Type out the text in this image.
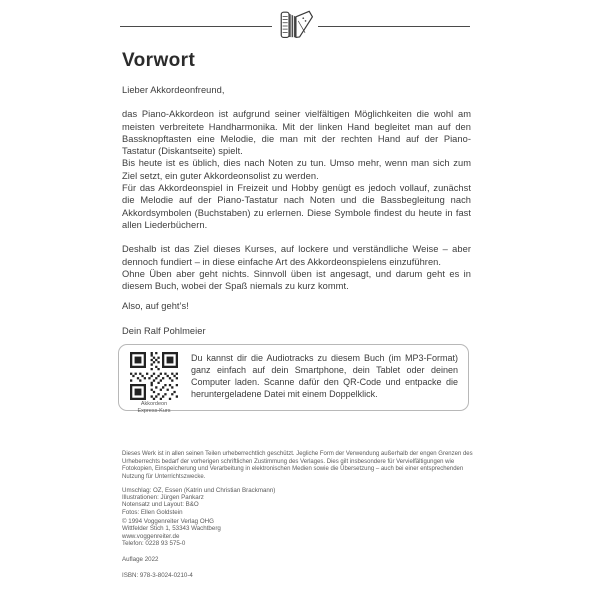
Vorwort

Lieber Akkordeonfreund,

das Piano-Akkordeon ist aufgrund seiner vielfältigen Möglichkeiten die wohl am meisten verbreitete Handharmonika. Mit der linken Hand begleitet man auf den Bassknopftasten eine Melodie, die man mit der rechten Hand auf der Piano-Tastatur (Diskantseite) spielt.

Bis heute ist es üblich, dies nach Noten zu tun. Umso mehr, wenn man sich zum Ziel setzt, ein guter Akkordeonsolist zu werden.

Für das Akkordeonspiel in Freizeit und Hobby genügt es jedoch vollauf, zunächst die Melodie auf der Piano-Tastatur nach Noten und die Bassbegleitung nach Akkordsymbolen (Buchstaben) zu erlernen. Diese Symbole findest du heute in fast allen Liederbüchern.

Deshalb ist das Ziel dieses Kurses, auf lockere und verständliche Weise – aber dennoch fundiert – in diese einfache Art des Akkordeonspielens einzuführen.

Ohne Üben aber geht nichts. Sinnvoll üben ist angesagt, und darum geht es in diesem Buch, wobei der Spaß niemals zu kurz kommt.

Also, auf geht’s!

Dein Ralf Pohlmeier

Akkordeon
Express-Kurs
Du kannst dir die Audiotracks zu diesem Buch (im MP3-Format) ganz einfach auf dein Smartphone, dein Tablet oder deinen Computer laden. Scanne dafür den QR-Code und entpacke die heruntergeladene Datei mit einem Doppelklick.
Dieses Werk ist in allen seinen Teilen urheberrechtlich geschützt. Jegliche Form der Verwendung außerhalb der engen Grenzen des Urheberrechts bedarf der vorherigen schriftlichen Zustimmung des Verlages. Dies gilt insbesondere für Vervielfältigungen wie Fotokopien, Einspeicherung und Verarbeitung in elektronischen Medien sowie die Übersetzung – auch bei einer entsprechenden Nutzung für Unterrichtszwecke.
Umschlag: OZ, Essen (Katrin und Christian Brackmann)
Illustrationen: Jürgen Pankarz
Notensatz und Layout: B&O
Fotos: Ellen Goldstein
© 1994 Voggenreiter Verlag OHG
Wittfelder Stich 1, 53343 Wachtberg
www.voggenreiter.de
Telefon: 0228 93 575-0
Auflage 2022
ISBN: 978-3-8024-0210-4
